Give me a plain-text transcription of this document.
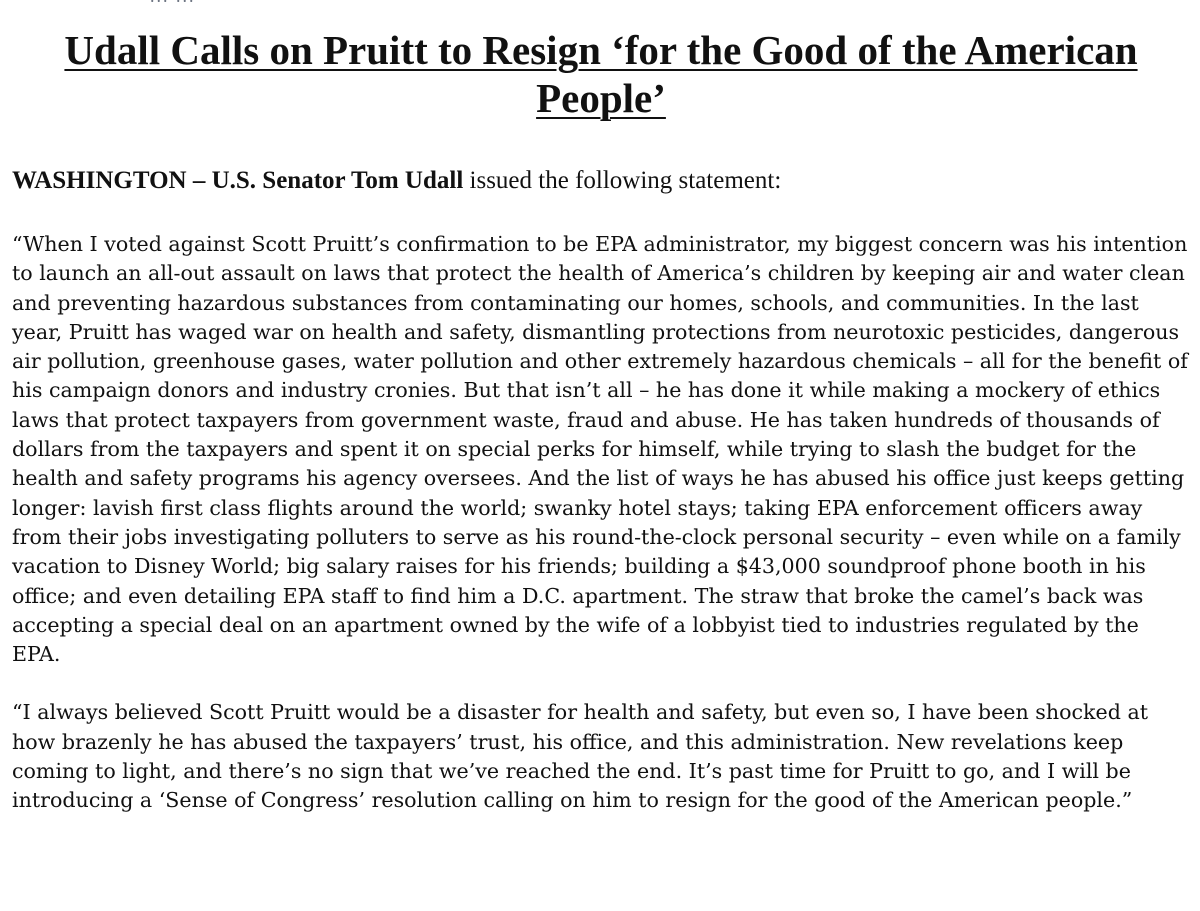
Udall Calls on Pruitt to Resign ‘for the Good of the American People’

WASHINGTON – U.S. Senator Tom Udall issued the following statement:

“When I voted against Scott Pruitt’s confirmation to be EPA administrator, my biggest concern was his intention to launch an all-out assault on laws that protect the health of America’s children by keeping air and water clean and preventing hazardous substances from contaminating our homes, schools, and communities. In the last year, Pruitt has waged war on health and safety, dismantling protections from neurotoxic pesticides, dangerous air pollution, greenhouse gases, water pollution and other extremely hazardous chemicals – all for the benefit of his campaign donors and industry cronies. But that isn’t all – he has done it while making a mockery of ethics laws that protect taxpayers from government waste, fraud and abuse. He has taken hundreds of thousands of dollars from the taxpayers and spent it on special perks for himself, while trying to slash the budget for the health and safety programs his agency oversees. And the list of ways he has abused his office just keeps getting longer: lavish first class flights around the world; swanky hotel stays; taking EPA enforcement officers away from their jobs investigating polluters to serve as his round-the-clock personal security – even while on a family vacation to Disney World; big salary raises for his friends; building a $43,000 soundproof phone booth in his office; and even detailing EPA staff to find him a D.C. apartment. The straw that broke the camel’s back was accepting a special deal on an apartment owned by the wife of a lobbyist tied to industries regulated by the EPA.

“I always believed Scott Pruitt would be a disaster for health and safety, but even so, I have been shocked at how brazenly he has abused the taxpayers’ trust, his office, and this administration. New revelations keep coming to light, and there’s no sign that we’ve reached the end. It’s past time for Pruitt to go, and I will be introducing a ‘Sense of Congress’ resolution calling on him to resign for the good of the American people.”
